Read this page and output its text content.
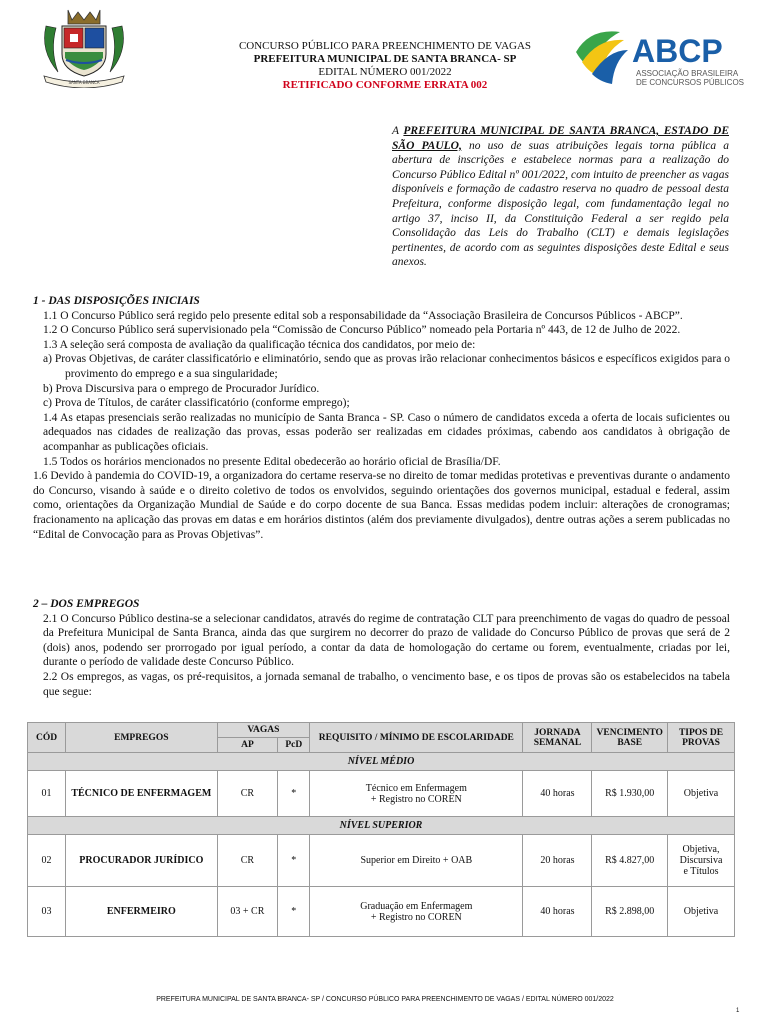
SANTA BRANCA
CONCURSO PÚBLICO PARA PREENCHIMENTO DE VAGAS
PREFEITURA MUNICIPAL DE SANTA BRANCA- SP
EDITAL NÚMERO 001/2022
RETIFICADO CONFORME ERRATA 002
ABCP
ASSOCIAÇÃO BRASILEIRA
DE CONCURSOS PÚBLICOS
A PREFEITURA MUNICIPAL DE SANTA BRANCA, ESTADO DE SÃO PAULO, no uso de suas atribuições legais torna pública a abertura de inscrições e estabelece normas para a realização do Concurso Público Edital nº 001/2022, com intuito de preencher as vagas disponíveis e formação de cadastro reserva no quadro de pessoal desta Prefeitura, conforme disposição legal, com fundamentação legal no artigo 37, inciso II, da Constituição Federal a ser regido pela Consolidação das Leis do Trabalho (CLT) e demais legislações pertinentes, de acordo com as seguintes disposições deste Edital e seus anexos.
1 - DAS DISPOSIÇÕES INICIAIS

1.1 O Concurso Público será regido pelo presente edital sob a responsabilidade da “Associação Brasileira de Concursos Públicos - ABCP”.

1.2 O Concurso Público será supervisionado pela “Comissão de Concurso Público” nomeado pela Portaria nº 443, de 12 de Julho de 2022.

1.3 A seleção será composta de avaliação da qualificação técnica dos candidatos, por meio de:

a) Provas Objetivas, de caráter classificatório e eliminatório, sendo que as provas irão relacionar conhecimentos básicos e específicos exigidos para o provimento do emprego e a sua singularidade;

b) Prova Discursiva para o emprego de Procurador Jurídico.

c) Prova de Títulos, de caráter classificatório (conforme emprego);

1.4 As etapas presenciais serão realizadas no município de Santa Branca - SP. Caso o número de candidatos exceda a oferta de locais suficientes ou adequados nas cidades de realização das provas, essas poderão ser realizadas em cidades próximas, cabendo aos candidatos à obrigação de acompanhar as publicações oficiais.

1.5 Todos os horários mencionados no presente Edital obedecerão ao horário oficial de Brasília/DF.

1.6 Devido à pandemia do COVID-19, a organizadora do certame reserva-se no direito de tomar medidas protetivas e preventivas durante o andamento do Concurso, visando à saúde e o direito coletivo de todos os envolvidos, seguindo orientações dos governos municipal, estadual e federal, assim como, orientações da Organização Mundial de Saúde e do corpo docente de sua Banca. Essas medidas podem incluir: alterações de cronogramas; fracionamento na aplicação das provas em datas e em horários distintos (além dos previamente divulgados), dentre outras ações a serem publicadas no “Edital de Convocação para as Provas Objetivas”.

2 – DOS EMPREGOS

2.1 O Concurso Público destina-se a selecionar candidatos, através do regime de contratação CLT para preenchimento de vagas do quadro de pessoal da Prefeitura Municipal de Santa Branca, ainda das que surgirem no decorrer do prazo de validade do Concurso Público de provas que será de 2 (dois) anos, podendo ser prorrogado por igual período, a contar da data de homologação do certame ou forem, eventualmente, criadas por lei, durante o período de validade deste Concurso Público.

2.2 Os empregos, as vagas, os pré-requisitos, a jornada semanal de trabalho, o vencimento base, e os tipos de provas são os estabelecidos na tabela que segue:

CÓD	EMPREGOS	VAGAS		REQUISITO / MÍNIMO DE ESCOLARIDADE	JORNADA SEMANAL	VENCIMENTO BASE	TIPOS DE PROVAS
		AP	PcD				
NÍVEL MÉDIO							
01	TÉCNICO DE ENFERMAGEM	CR	*	Técnico em Enfermagem
+ Registro no COREN	40 horas	R$ 1.930,00	Objetiva
NÍVEL SUPERIOR							
02	PROCURADOR JURÍDICO	CR	*	Superior em Direito + OAB	20 horas	R$ 4.827,00	Objetiva,
Discursiva
e Títulos
03	ENFERMEIRO	03 + CR	*	Graduação em Enfermagem
+ Registro no COREN	40 horas	R$ 2.898,00	Objetiva
PREFEITURA MUNICIPAL DE SANTA BRANCA- SP / CONCURSO PÚBLICO PARA PREENCHIMENTO DE VAGAS / EDITAL NÚMERO 001/2022
1
